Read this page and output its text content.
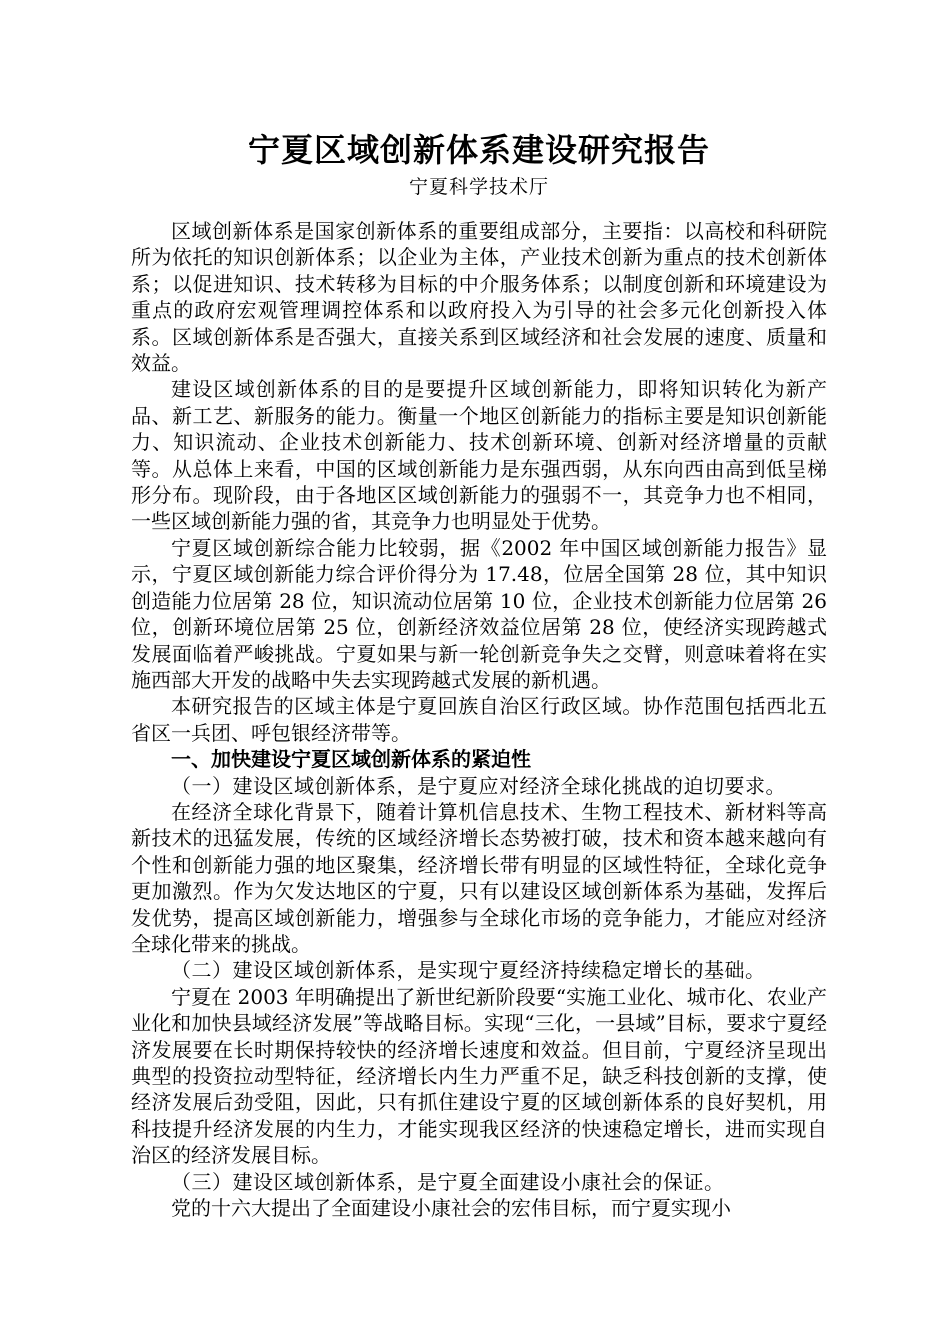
宁夏区域创新体系建设研究报告
宁夏科学技术厅

区域创新体系是国家创新体系的重要组成部分，主要指：以高校和科研院所为依托的知识创新体系；以企业为主体，产业技术创新为重点的技术创新体系；以促进知识、技术转移为目标的中介服务体系；以制度创新和环境建设为重点的政府宏观管理调控体系和以政府投入为引导的社会多元化创新投入体系。区域创新体系是否强大，直接关系到区域经济和社会发展的速度、质量和效益。

建设区域创新体系的目的是要提升区域创新能力，即将知识转化为新产品、新工艺、新服务的能力。衡量一个地区创新能力的指标主要是知识创新能力、知识流动、企业技术创新能力、技术创新环境、创新对经济增量的贡献等。从总体上来看，中国的区域创新能力是东强西弱，从东向西由高到低呈梯形分布。现阶段，由于各地区区域创新能力的强弱不一，其竞争力也不相同，一些区域创新能力强的省，其竞争力也明显处于优势。

宁夏区域创新综合能力比较弱，据《2002 年中国区域创新能力报告》显示，宁夏区域创新能力综合评价得分为 17.48，位居全国第 28 位，其中知识创造能力位居第 28 位，知识流动位居第 10 位，企业技术创新能力位居第 26 位，创新环境位居第 25 位，创新经济效益位居第 28 位，使经济实现跨越式发展面临着严峻挑战。宁夏如果与新一轮创新竞争失之交臂，则意味着将在实施西部大开发的战略中失去实现跨越式发展的新机遇。

本研究报告的区域主体是宁夏回族自治区行政区域。协作范围包括西北五省区一兵团、呼包银经济带等。

一、加快建设宁夏区域创新体系的紧迫性

（一）建设区域创新体系，是宁夏应对经济全球化挑战的迫切要求。

在经济全球化背景下，随着计算机信息技术、生物工程技术、新材料等高新技术的迅猛发展，传统的区域经济增长态势被打破，技术和资本越来越向有个性和创新能力强的地区聚集，经济增长带有明显的区域性特征，全球化竞争更加激烈。作为欠发达地区的宁夏，只有以建设区域创新体系为基础，发挥后发优势，提高区域创新能力，增强参与全球化市场的竞争能力，才能应对经济全球化带来的挑战。

（二）建设区域创新体系，是实现宁夏经济持续稳定增长的基础。

宁夏在 2003 年明确提出了新世纪新阶段要“实施工业化、城市化、农业产业化和加快县域经济发展”等战略目标。实现“三化，一县域”目标，要求宁夏经济发展要在长时期保持较快的经济增长速度和效益。但目前，宁夏经济呈现出典型的投资拉动型特征，经济增长内生力严重不足，缺乏科技创新的支撑，使经济发展后劲受阻，因此，只有抓住建设宁夏的区域创新体系的良好契机，用科技提升经济发展的内生力，才能实现我区经济的快速稳定增长，进而实现自治区的经济发展目标。

（三）建设区域创新体系，是宁夏全面建设小康社会的保证。

党的十六大提出了全面建设小康社会的宏伟目标，而宁夏实现小
